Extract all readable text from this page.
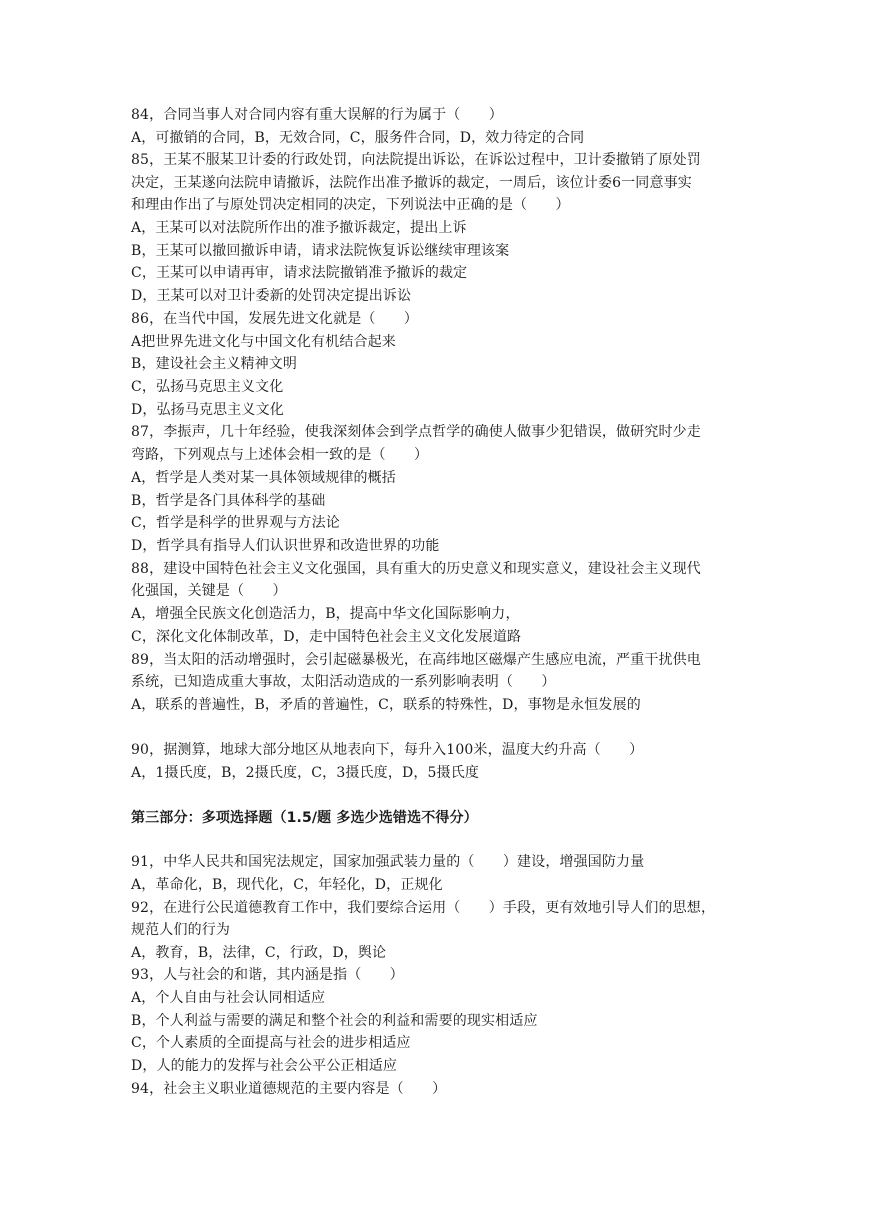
84，合同当事人对合同内容有重大误解的行为属于（　　）
A，可撤销的合同，B，无效合同，C，服务件合同，D，效力待定的合同
85，王某不服某卫计委的行政处罚，向法院提出诉讼，在诉讼过程中，卫计委撤销了原处罚
决定，王某遂向法院申请撤诉，法院作出准予撤诉的裁定，一周后，该位计委6一同意事实
和理由作出了与原处罚决定相同的决定，下列说法中正确的是（　　）
A，王某可以对法院所作出的准予撤诉裁定，提出上诉
B，王某可以撤回撤诉申请，请求法院恢复诉讼继续审理该案
C，王某可以申请再审，请求法院撤销准予撤诉的裁定
D，王某可以对卫计委新的处罚决定提出诉讼
86，在当代中国，发展先进文化就是（　　）
A把世界先进文化与中国文化有机结合起来
B，建设社会主义精神文明
C，弘扬马克思主义文化
D，弘扬马克思主义文化
87，李振声，几十年经验，使我深刻体会到学点哲学的确使人做事少犯错误，做研究时少走
弯路，下列观点与上述体会相一致的是（　　）
A，哲学是人类对某一具体领域规律的概括
B，哲学是各门具体科学的基础
C，哲学是科学的世界观与方法论
D，哲学具有指导人们认识世界和改造世界的功能
88，建设中国特色社会主义文化强国，具有重大的历史意义和现实意义，建设社会主义现代
化强国，关键是（　　）
A，增强全民族文化创造活力，B，提高中华文化国际影响力，
C，深化文化体制改革，D，走中国特色社会主义文化发展道路
89，当太阳的活动增强时，会引起磁暴极光，在高纬地区磁爆产生感应电流，严重干扰供电
系统，已知造成重大事故，太阳活动造成的一系列影响表明（　　）
A，联系的普遍性，B，矛盾的普遍性，C，联系的特殊性，D，事物是永恒发展的
90，据测算，地球大部分地区从地表向下，每升入100米，温度大约升高（　　）
A，1摄氏度，B，2摄氏度，C，3摄氏度，D，5摄氏度
第三部分：多项选择题（1.5/题 多选少选错选不得分）
91，中华人民共和国宪法规定，国家加强武装力量的（　　）建设，增强国防力量
A，革命化，B，现代化，C，年轻化，D，正规化
92，在进行公民道德教育工作中，我们要综合运用（　　）手段，更有效地引导人们的思想，
规范人们的行为
A，教育，B，法律，C，行政，D，舆论
93，人与社会的和谐，其内涵是指（　　）
A，个人自由与社会认同相适应
B，个人利益与需要的满足和整个社会的利益和需要的现实相适应
C，个人素质的全面提高与社会的进步相适应
D，人的能力的发挥与社会公平公正相适应
94，社会主义职业道德规范的主要内容是（　　）
